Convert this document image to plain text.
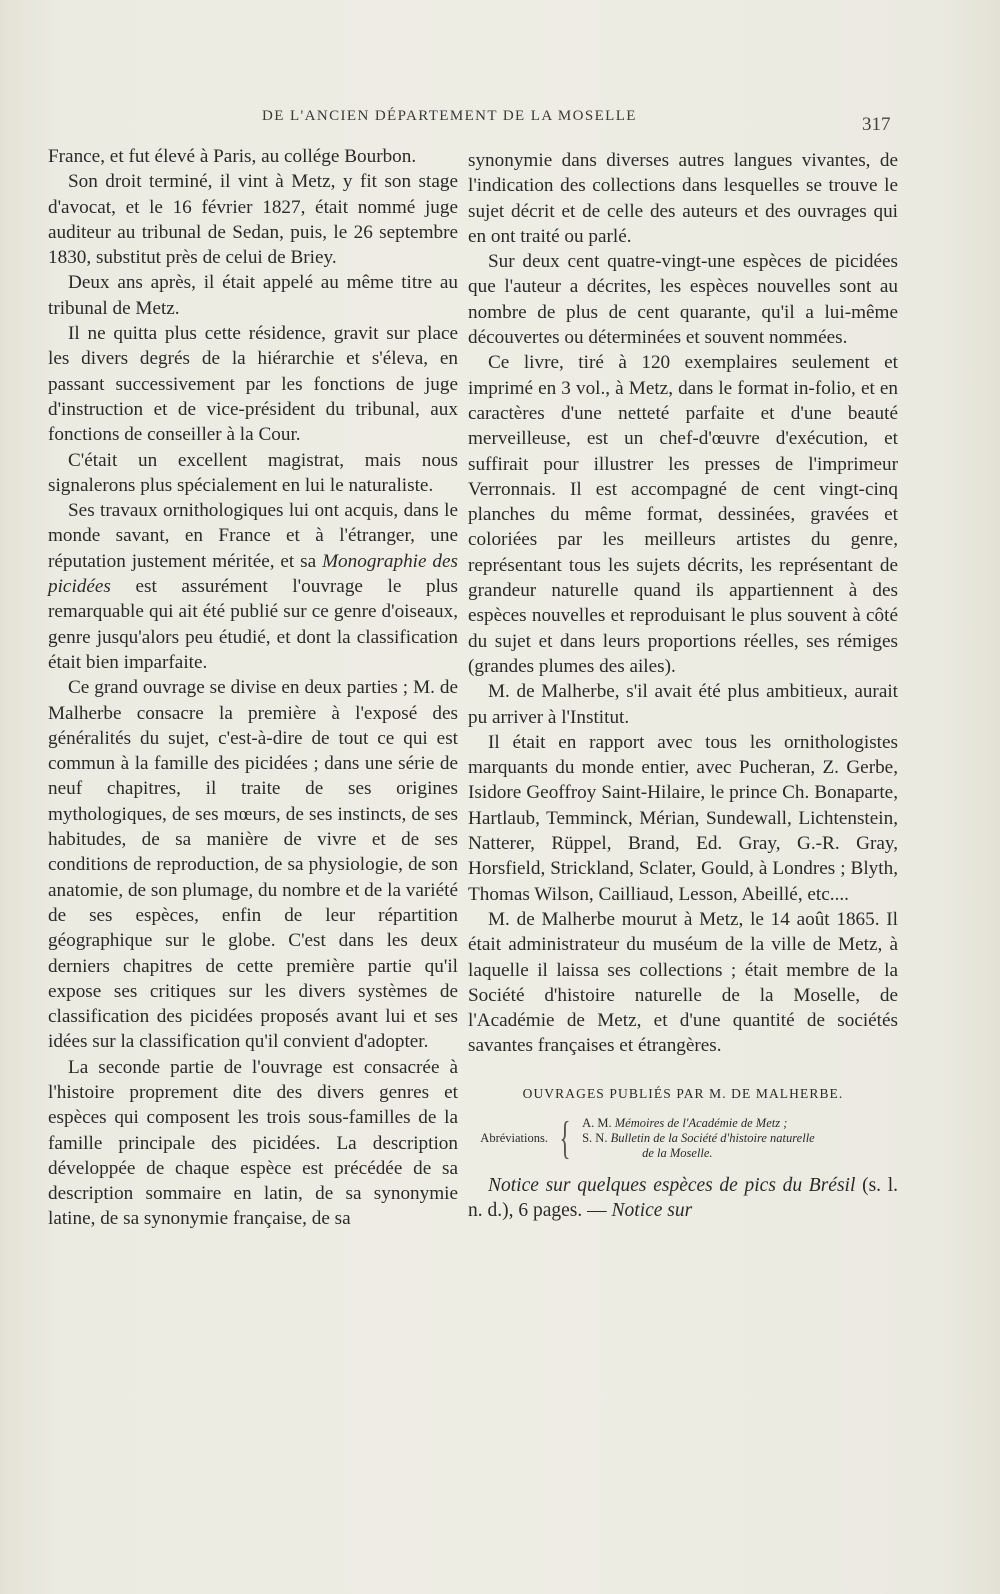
DE L'ANCIEN DÉPARTEMENT DE LA MOSELLE	317

France, et fut élevé à Paris, au collége Bourbon.

Son droit terminé, il vint à Metz, y fit son stage d'avocat, et le 16 février 1827, était nommé juge auditeur au tribunal de Sedan, puis, le 26 septembre 1830, substitut près de celui de Briey.

Deux ans après, il était appelé au même titre au tribunal de Metz.

Il ne quitta plus cette résidence, gravit sur place les divers degrés de la hiérarchie et s'éleva, en passant successivement par les fonctions de juge d'instruction et de vice-président du tribunal, aux fonctions de conseiller à la Cour.

C'était un excellent magistrat, mais nous signalerons plus spécialement en lui le naturaliste.

Ses travaux ornithologiques lui ont acquis, dans le monde savant, en France et à l'étranger, une réputation justement méritée, et sa Monographie des picidées est assurément l'ouvrage le plus remarquable qui ait été publié sur ce genre d'oiseaux, genre jusqu'alors peu étudié, et dont la classification était bien imparfaite.

Ce grand ouvrage se divise en deux parties ; M. de Malherbe consacre la première à l'exposé des généralités du sujet, c'est-à-dire de tout ce qui est commun à la famille des picidées ; dans une série de neuf chapitres, il traite de ses origines mythologiques, de ses mœurs, de ses instincts, de ses habitudes, de sa manière de vivre et de ses conditions de reproduction, de sa physiologie, de son anatomie, de son plumage, du nombre et de la variété de ses espèces, enfin de leur répartition géographique sur le globe. C'est dans les deux derniers chapitres de cette première partie qu'il expose ses critiques sur les divers systèmes de classification des picidées proposés avant lui et ses idées sur la classification qu'il convient d'adopter.

La seconde partie de l'ouvrage est consacrée à l'histoire proprement dite des divers genres et espèces qui composent les trois sous-familles de la famille principale des picidées. La description développée de chaque espèce est précédée de sa description sommaire en latin, de sa synonymie latine, de sa synonymie française, de sa

synonymie dans diverses autres langues vivantes, de l'indication des collections dans lesquelles se trouve le sujet décrit et de celle des auteurs et des ouvrages qui en ont traité ou parlé.

Sur deux cent quatre-vingt-une espèces de picidées que l'auteur a décrites, les espèces nouvelles sont au nombre de plus de cent quarante, qu'il a lui-même découvertes ou déterminées et souvent nommées.

Ce livre, tiré à 120 exemplaires seulement et imprimé en 3 vol., à Metz, dans le format in-folio, et en caractères d'une netteté parfaite et d'une beauté merveilleuse, est un chef-d'œuvre d'exécution, et suffirait pour illustrer les presses de l'imprimeur Verronnais. Il est accompagné de cent vingt-cinq planches du même format, dessinées, gravées et coloriées par les meilleurs artistes du genre, représentant tous les sujets décrits, les représentant de grandeur naturelle quand ils appartiennent à des espèces nouvelles et reproduisant le plus souvent à côté du sujet et dans leurs proportions réelles, ses rémiges (grandes plumes des ailes).

M. de Malherbe, s'il avait été plus ambitieux, aurait pu arriver à l'Institut.

Il était en rapport avec tous les ornithologistes marquants du monde entier, avec Pucheran, Z. Gerbe, Isidore Geoffroy Saint-Hilaire, le prince Ch. Bonaparte, Hartlaub, Temminck, Mérian, Sundewall, Lichtenstein, Natterer, Rüppel, Brand, Ed. Gray, G.-R. Gray, Horsfield, Strickland, Sclater, Gould, à Londres ; Blyth, Thomas Wilson, Cailliaud, Lesson, Abeillé, etc....

M. de Malherbe mourut à Metz, le 14 août 1865. Il était administrateur du muséum de la ville de Metz, à laquelle il laissa ses collections ; était membre de la Société d'histoire naturelle de la Moselle, de l'Académie de Metz, et d'une quantité de sociétés savantes françaises et étrangères.

OUVRAGES PUBLIÉS PAR M. DE MALHERBE.
Abréviations. { A. M. Mémoires de l'Académie de Metz ;
S. N. Bulletin de la Société d'histoire naturelle
de la Moselle.

Notice sur quelques espèces de pics du Brésil (s. l. n. d.), 6 pages. — Notice sur
